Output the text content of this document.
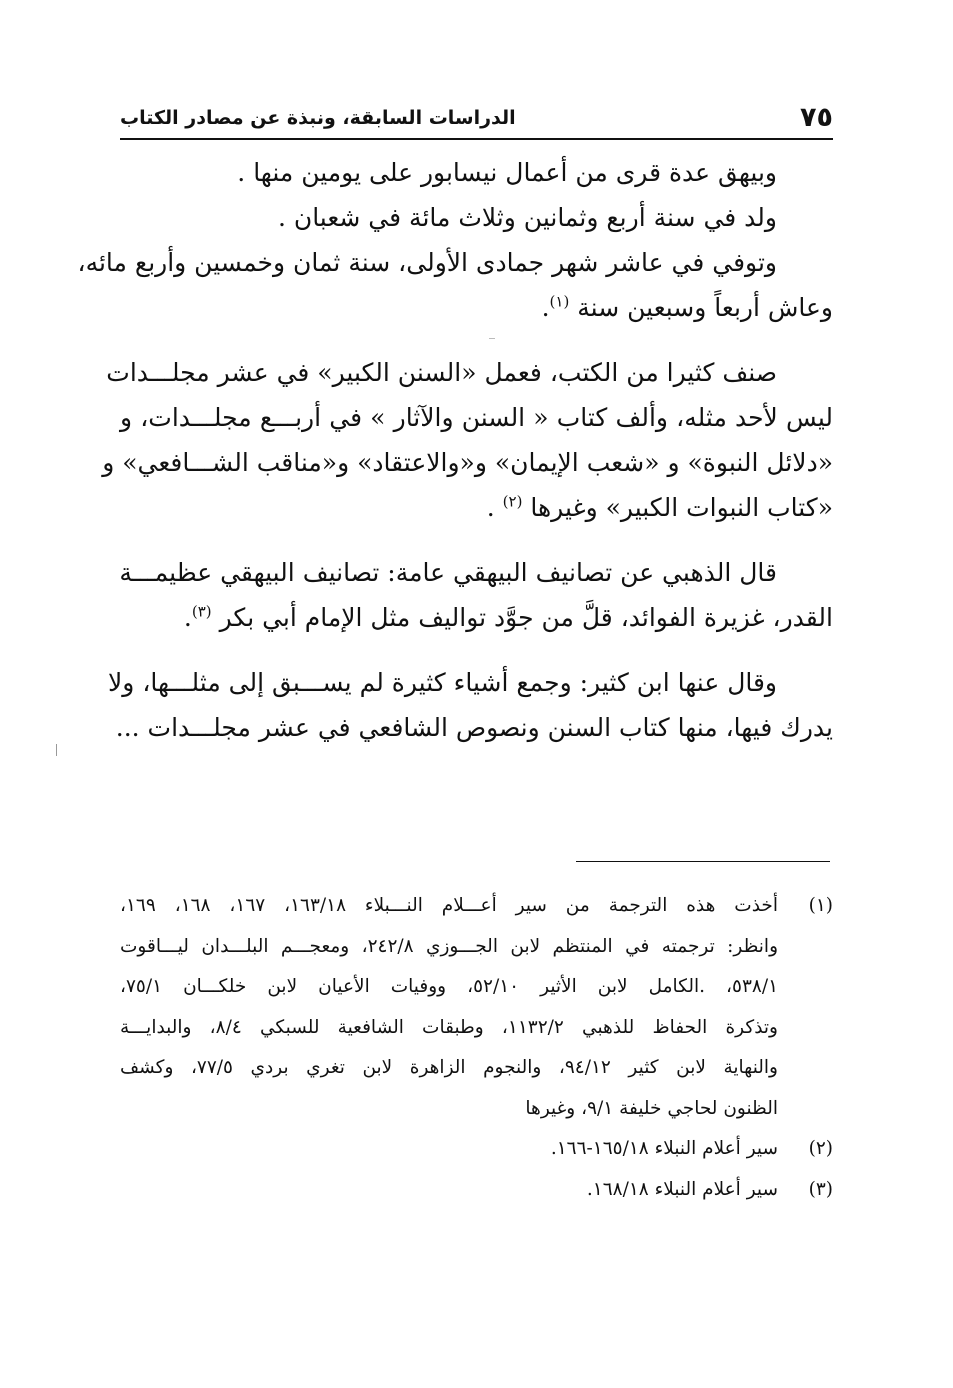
٧٥
الدراسات السابقة، ونبذة عن مصادر الكتاب
وبيهق عدة قرى من أعمال نيسابور على يومين منها .
ولد في سنة أربع وثمانين وثلاث مائة في شعبان .
وتوفي في عاشر شهر جمادى الأولى، سنة ثمان وخمسين وأربع مائه،
وعاش أربعاً وسبعين سنة $^{(١)}$.
صنف كثيرا من الكتب، فعمل «السنن الكبير» في عشر مجلـــدات
ليس لأحد مثله، وألف كتاب « السنن والآثار » في أربـــع مجلـــدات، و
«دلائل النبوة» و «شعب الإيمان» و«والاعتقاد» و«مناقب الشـــافعي» و
«كتاب النبوات الكبير» وغيرها $^{(٢)}$ .
قال الذهبي عن تصانيف البيهقي عامة: تصانيف البيهقي عظيمـــة
القدر، غزيرة الفوائد، قلَّ من جوَّد تواليف مثل الإمام أبي بكر $^{(٣)}$.
وقال عنها ابن كثير: وجمع أشياء كثيرة لم يســـبق إلى مثلـــها، ولا
يدرك فيها، منها كتاب السنن ونصوص الشافعي في عشر مجلـــدات ...
(١)
أخذت هذه الترجمة من سير أعـــلام النـــبلاء ١٦٣/١٨، ١٦٧، ١٦٨، ١٦٩،
وانظر: ترجمته في المنتظم لابن الجـــوزي ٢٤٢/٨، ومعجـــم البلـــدان ليـــاقوت
٥٣٨/١، .الكامل لابن الأثير ٥٢/١٠، ووفيات الأعيان لابن خلكـــان ٧٥/١،
وتذكرة الحفاظ للذهبي ١١٣٢/٢، وطبقات الشافعية للسبكي ٨/٤، والبدايـــة
والنهاية لابن كثير ٩٤/١٢، والنجوم الزاهرة لابن تغري بردي ٧٧/٥، وكشف
الظنون لحاجي خليفة ٩/١، وغيرها
(٢)
سير أعلام النبلاء ١٦٥/١٨-١٦٦.
(٣)
سير أعلام النبلاء ١٦٨/١٨.
